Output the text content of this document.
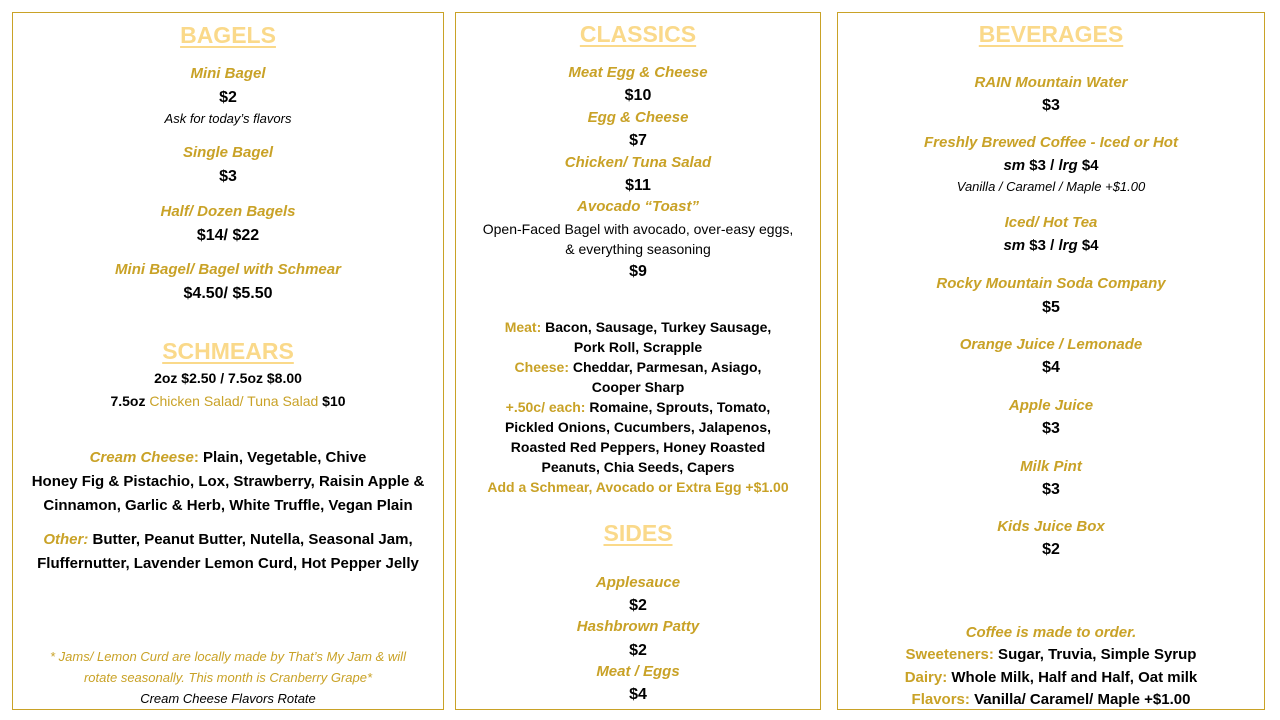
BAGELS
Mini Bagel
$2
Ask for today’s flavors
Single Bagel
$3
Half/ Dozen Bagels
$14/ $22
Mini Bagel/ Bagel with Schmear
$4.50/ $5.50
SCHMEARS
2oz $2.50 / 7.5oz $8.00
7.5oz Chicken Salad/ Tuna Salad $10
Cream Cheese: Plain, Vegetable, Chive
Honey Fig & Pistachio, Lox, Strawberry, Raisin Apple &
Cinnamon, Garlic & Herb, White Truffle, Vegan Plain
Other: Butter, Peanut Butter, Nutella, Seasonal Jam,
Fluffernutter, Lavender Lemon Curd, Hot Pepper Jelly
* Jams/ Lemon Curd are locally made by That’s My Jam & will
rotate seasonally. This month is Cranberry Grape*
Cream Cheese Flavors Rotate
CLASSICS
Meat Egg & Cheese
$10
Egg & Cheese
$7
Chicken/ Tuna Salad
$11
Avocado “Toast”
Open-Faced Bagel with avocado, over-easy eggs,
& everything seasoning
$9
Meat: Bacon, Sausage, Turkey Sausage,
Pork Roll, Scrapple
Cheese: Cheddar, Parmesan, Asiago,
Cooper Sharp
+.50c/ each: Romaine, Sprouts, Tomato,
Pickled Onions, Cucumbers, Jalapenos,
Roasted Red Peppers, Honey Roasted
Peanuts, Chia Seeds, Capers
Add a Schmear, Avocado or Extra Egg +$1.00
SIDES
Applesauce
$2
Hashbrown Patty
$2
Meat / Eggs
$4
BEVERAGES
RAIN Mountain Water
$3
Freshly Brewed Coffee - Iced or Hot
sm $3 / lrg $4
Vanilla / Caramel / Maple +$1.00
Iced/ Hot Tea
sm $3 / lrg $4
Rocky Mountain Soda Company
$5
Orange Juice / Lemonade
$4
Apple Juice
$3
Milk Pint
$3
Kids Juice Box
$2
Coffee is made to order.
Sweeteners: Sugar, Truvia, Simple Syrup
Dairy: Whole Milk, Half and Half, Oat milk
Flavors: Vanilla/ Caramel/ Maple +$1.00
